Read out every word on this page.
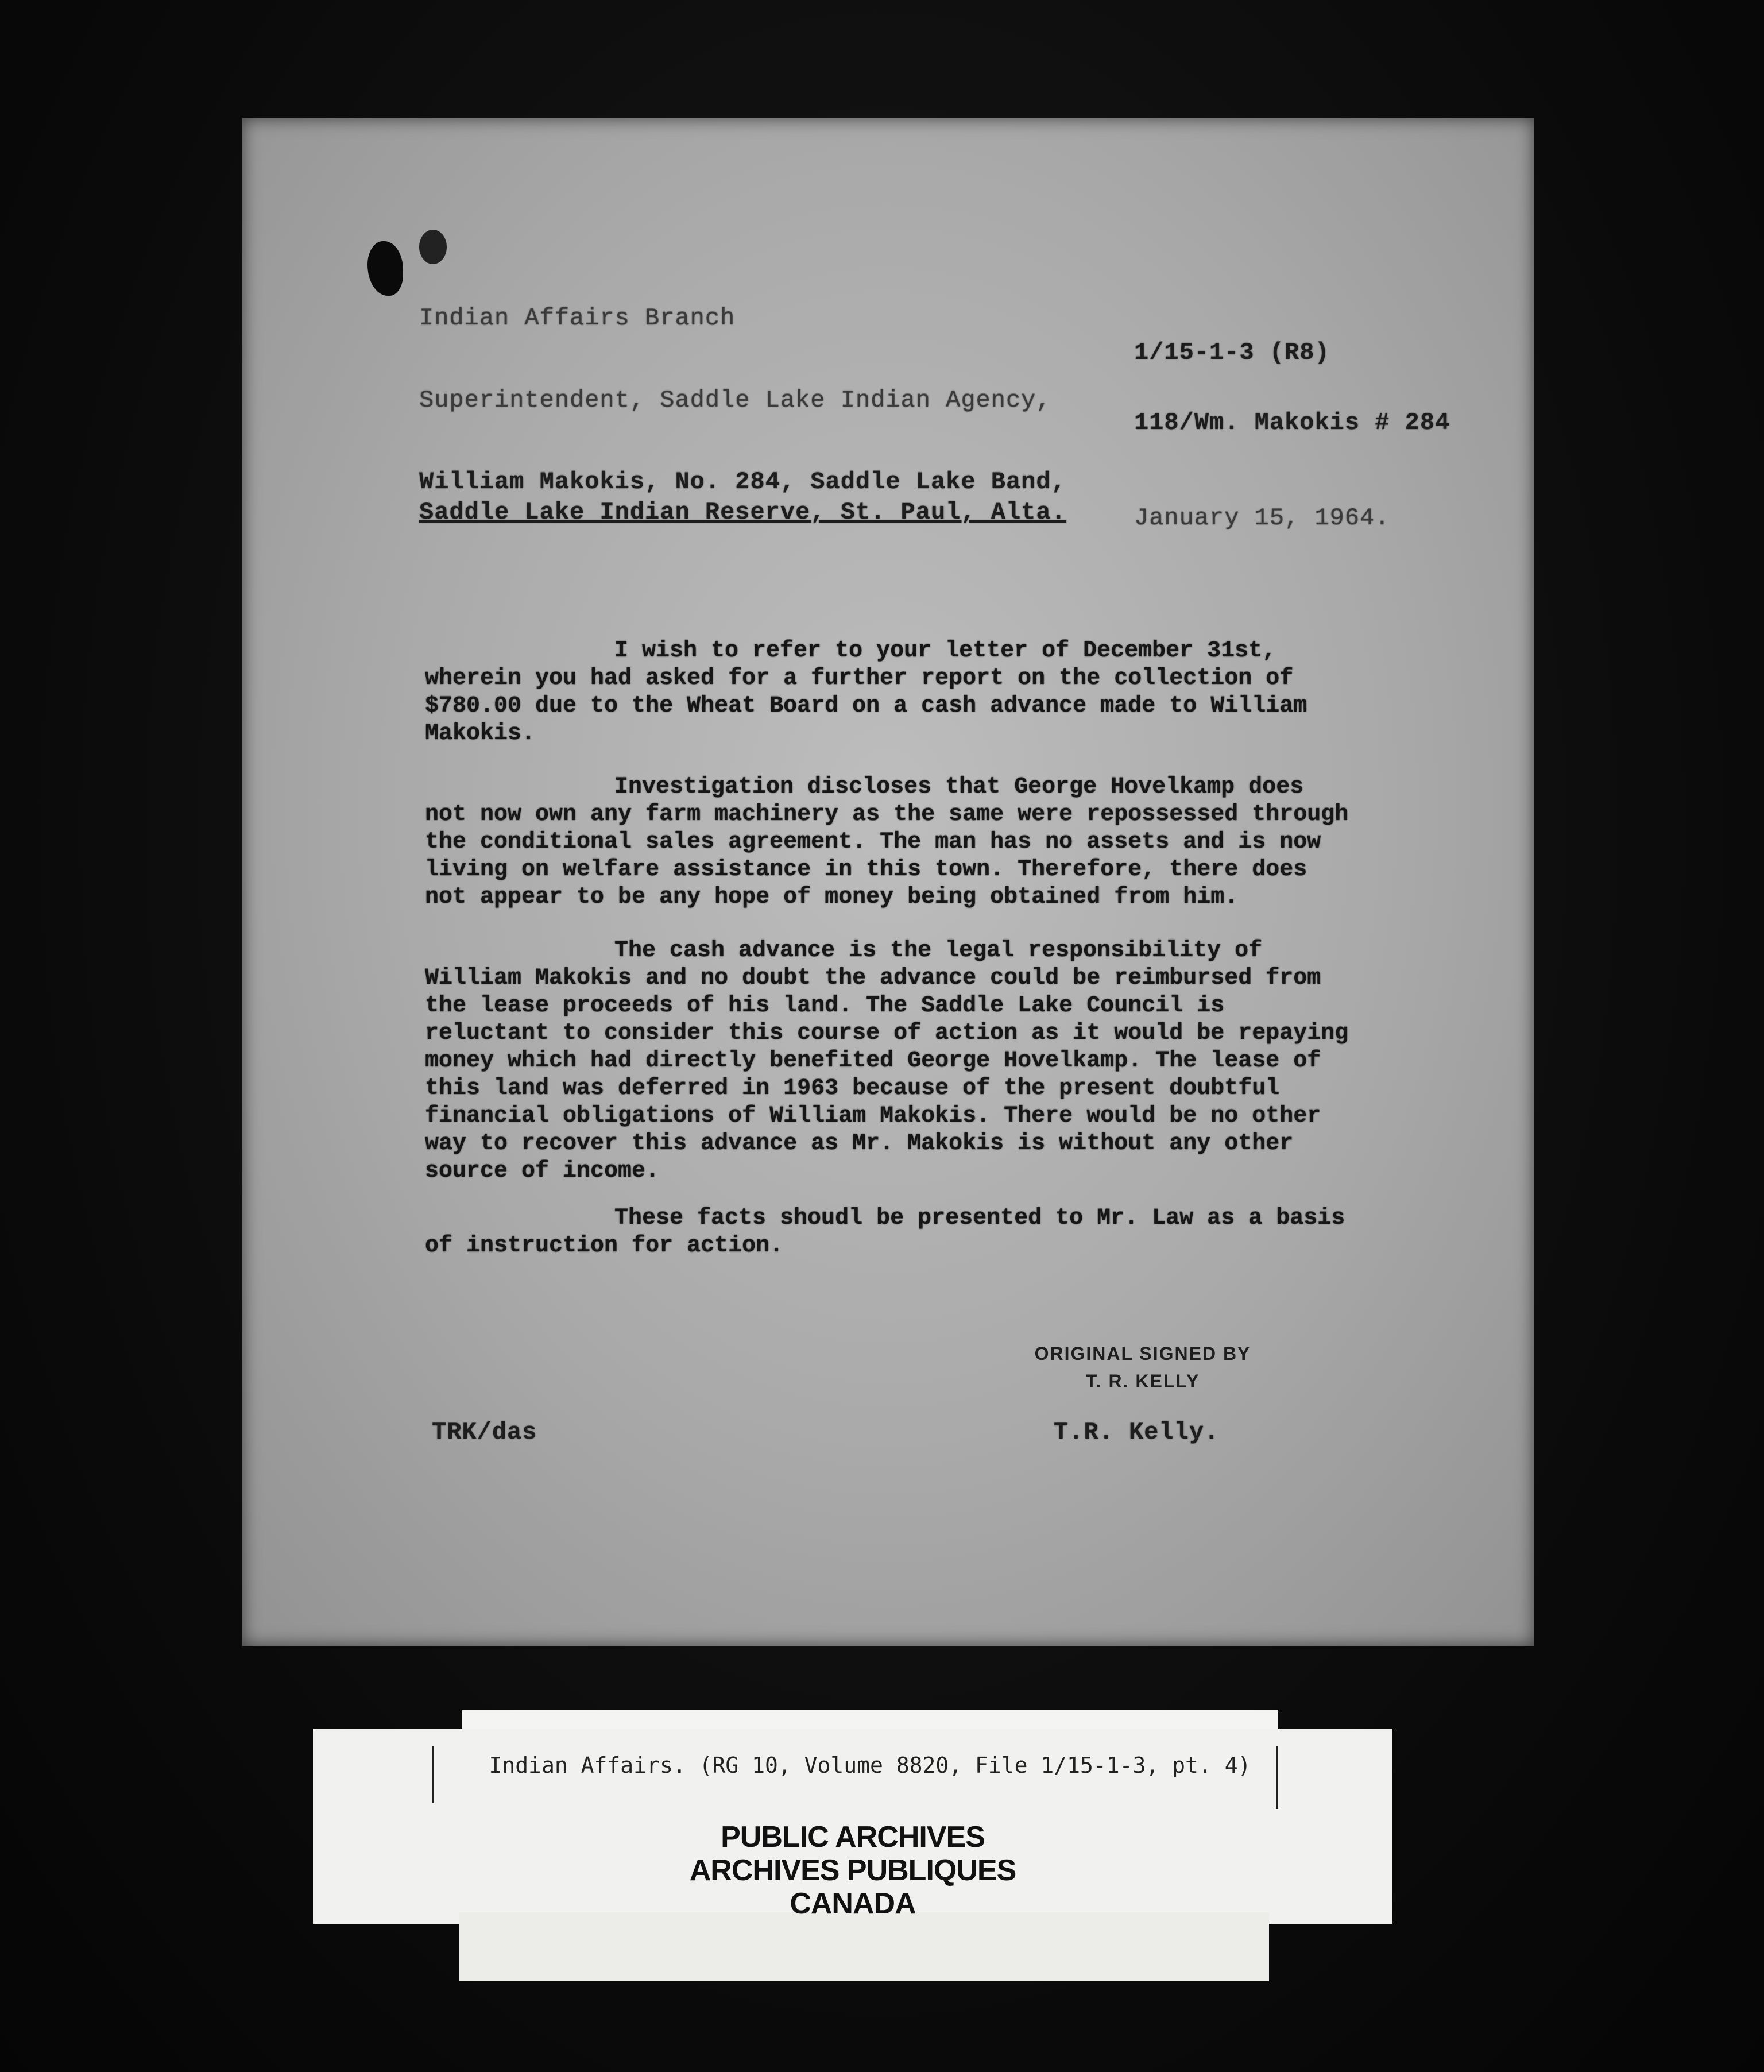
Indian Affairs Branch
1/15-1-3 (R8)
Superintendent, Saddle Lake Indian Agency,
118/Wm. Makokis # 284
William Makokis, No. 284, Saddle Lake Band,
Saddle Lake Indian Reserve, St. Paul, Alta.	January 15, 1964.

I wish to refer to your letter of December 31st, wherein you had asked for a further report on the collection of $780.00 due to the Wheat Board on a cash advance made to William Makokis.

Investigation discloses that George Hovelkamp does not now own any farm machinery as the same were repossessed through the conditional sales agreement. The man has no assets and is now living on welfare assistance in this town. Therefore, there does not appear to be any hope of money being obtained from him.

The cash advance is the legal responsibility of William Makokis and no doubt the advance could be reimbursed from the lease proceeds of his land. The Saddle Lake Council is reluctant to consider this course of action as it would be repaying money which had directly benefited George Hovelkamp. The lease of this land was deferred in 1963 because of the present doubtful financial obligations of William Makokis. There would be no other way to recover this advance as Mr. Makokis is without any other source of income.

These facts shoudl be presented to Mr. Law as a basis of instruction for action.

ORIGINAL SIGNED BY
T. R. KELLY
TRK/das	T.R. Kelly.
Indian Affairs. (RG 10, Volume 8820, File 1/15-1-3, pt. 4)
PUBLIC ARCHIVES
ARCHIVES PUBLIQUES
CANADA
